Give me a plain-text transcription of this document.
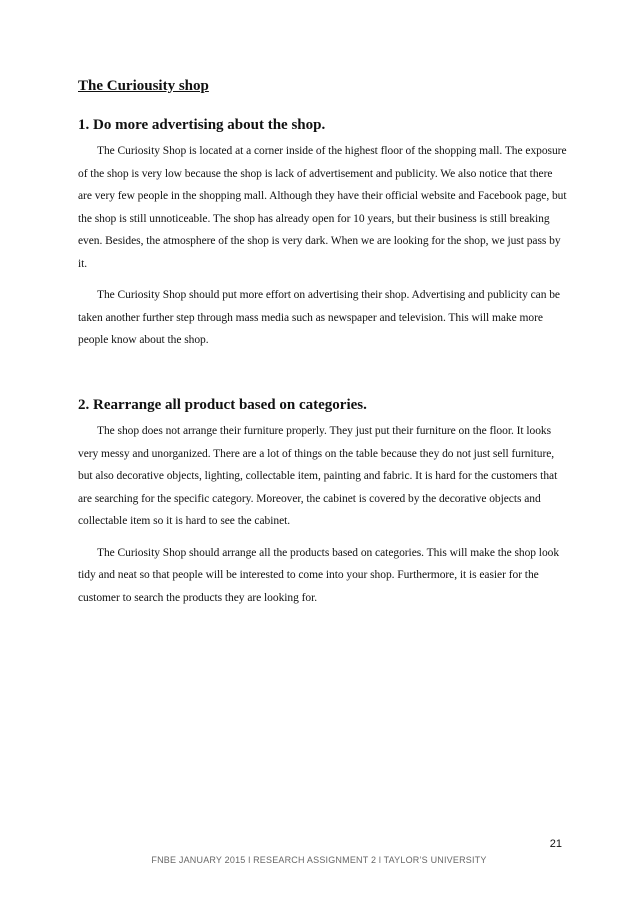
The Curiousity shop
1. Do more advertising about the shop.

The Curiosity Shop is located at a corner inside of the highest floor of the shopping mall. The exposure of the shop is very low because the shop is lack of advertisement and publicity. We also notice that there are very few people in the shopping mall. Although they have their official website and Facebook page, but the shop is still unnoticeable. The shop has already open for 10 years, but their business is still breaking even. Besides, the atmosphere of the shop is very dark. When we are looking for the shop, we just pass by it.

The Curiosity Shop should put more effort on advertising their shop. Advertising and publicity can be taken another further step through mass media such as newspaper and television. This will make more people know about the shop.

2. Rearrange all product based on categories.

The shop does not arrange their furniture properly. They just put their furniture on the floor. It looks very messy and unorganized. There are a lot of things on the table because they do not just sell furniture, but also decorative objects, lighting, collectable item, painting and fabric. It is hard for the customers that are searching for the specific category. Moreover, the cabinet is covered by the decorative objects and collectable item so it is hard to see the cabinet.

The Curiosity Shop should arrange all the products based on categories. This will make the shop look tidy and neat so that people will be interested to come into your shop. Furthermore, it is easier for the customer to search the products they are looking for.

21
FNBE JANUARY 2015 l RESEARCH ASSIGNMENT 2 l TAYLOR’S UNIVERSITY
